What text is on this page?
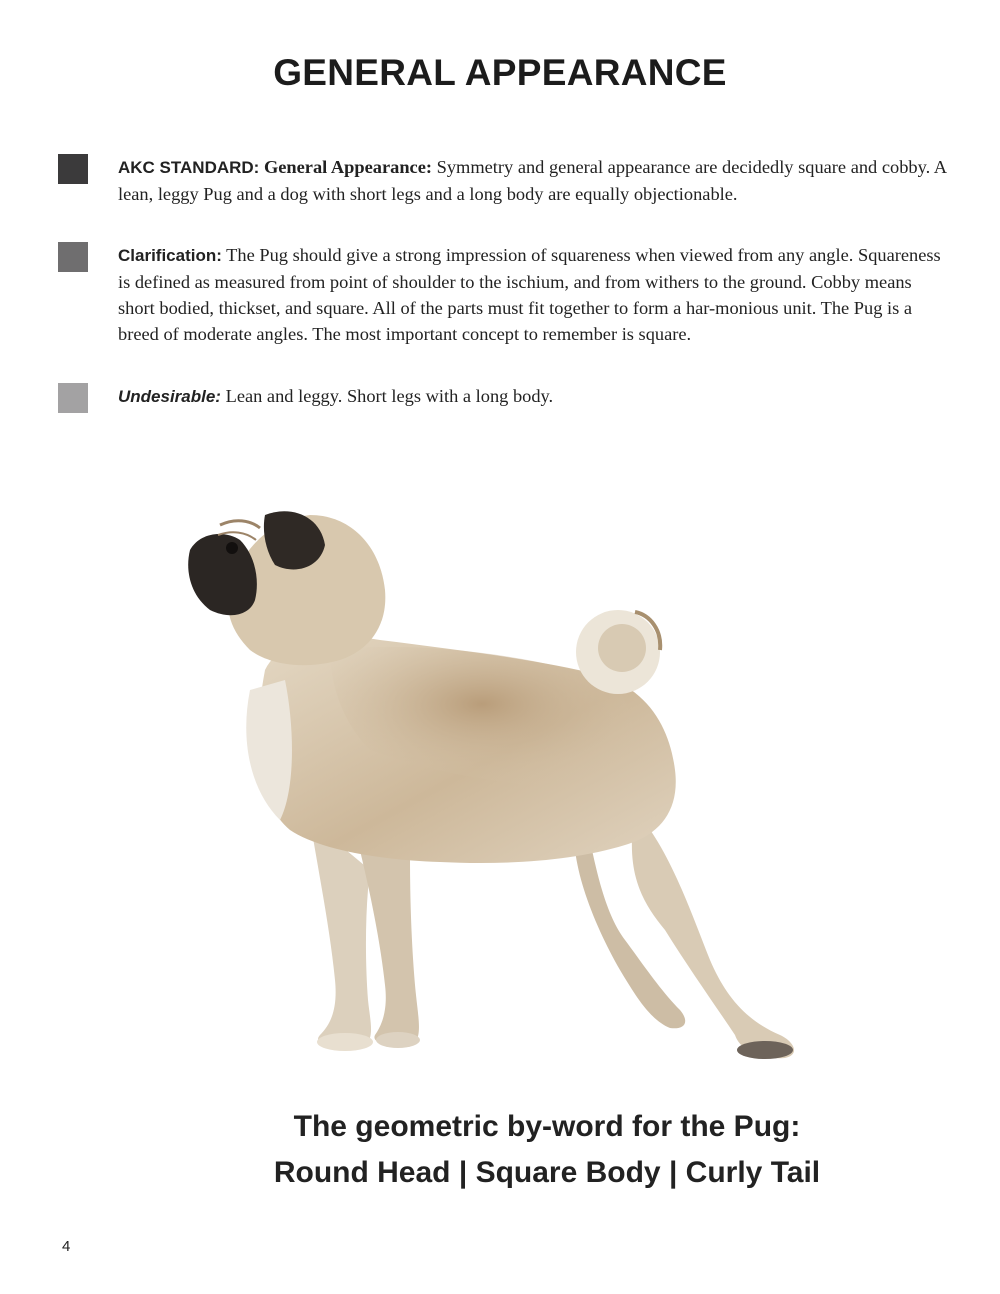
GENERAL APPEARANCE
AKC STANDARD: General Appearance: Symmetry and general appearance are decidedly square and cobby. A lean, leggy Pug and a dog with short legs and a long body are equally objectionable.
Clarification: The Pug should give a strong impression of squareness when viewed from any angle. Squareness is defined as measured from point of shoulder to the ischium, and from withers to the ground. Cobby means short bodied, thickset, and square. All of the parts must fit together to form a har-monious unit. The Pug is a breed of moderate angles. The most important concept to remember is square.
Undesirable: Lean and leggy. Short legs with a long body.
The geometric by-word for the Pug:
Round Head | Square Body | Curly Tail
4
